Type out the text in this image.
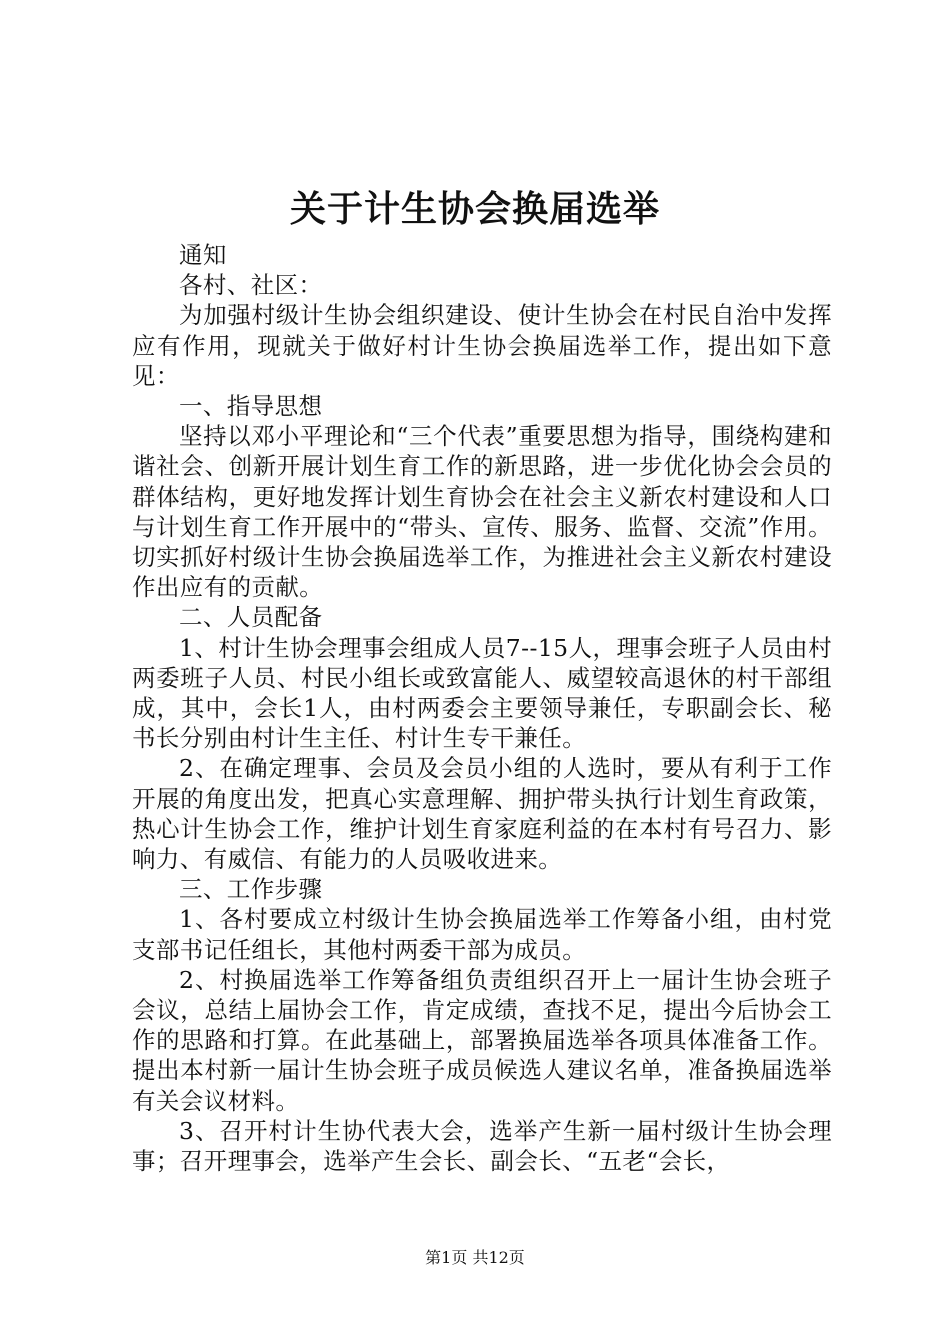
关于计生协会换届选举

通知

各村、社区：

为加强村级计生协会组织建设、使计生协会在村民自治中发挥应有作用，现就关于做好村计生协会换届选举工作，提出如下意见：

一、指导思想

坚持以邓小平理论和“三个代表”重要思想为指导，围绕构建和谐社会、创新开展计划生育工作的新思路，进一步优化协会会员的群体结构，更好地发挥计划生育协会在社会主义新农村建设和人口与计划生育工作开展中的“带头、宣传、服务、监督、交流”作用。切实抓好村级计生协会换届选举工作，为推进社会主义新农村建设作出应有的贡献。

二、人员配备

1、村计生协会理事会组成人员7--15人，理事会班子人员由村两委班子人员、村民小组长或致富能人、威望较高退休的村干部组成，其中，会长1人，由村两委会主要领导兼任，专职副会长、秘书长分别由村计生主任、村计生专干兼任。

2、在确定理事、会员及会员小组的人选时，要从有利于工作开展的角度出发，把真心实意理解、拥护带头执行计划生育政策，热心计生协会工作，维护计划生育家庭利益的在本村有号召力、影响力、有威信、有能力的人员吸收进来。

三、工作步骤

1、各村要成立村级计生协会换届选举工作筹备小组，由村党支部书记任组长，其他村两委干部为成员。

2、村换届选举工作筹备组负责组织召开上一届计生协会班子会议，总结上届协会工作，肯定成绩，查找不足，提出今后协会工作的思路和打算。在此基础上，部署换届选举各项具体准备工作。提出本村新一届计生协会班子成员候选人建议名单，准备换届选举有关会议材料。

3、召开村计生协代表大会，选举产生新一届村级计生协会理事；召开理事会，选举产生会长、副会长、“五老“会长，

第1页 共12页
